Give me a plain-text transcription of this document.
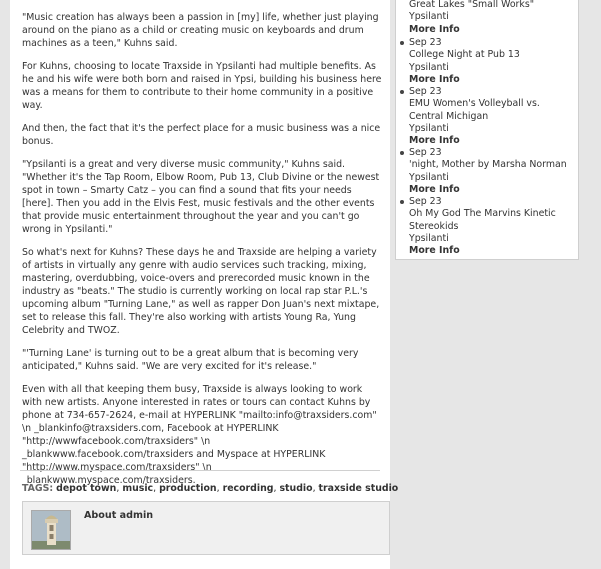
"Music creation has always been a passion in [my] life, whether just playing around on the piano as a child or creating music on keyboards and drum machines as a teen," Kuhns said.

For Kuhns, choosing to locate Traxside in Ypsilanti had multiple benefits. As he and his wife were both born and raised in Ypsi, building his business here was a means for them to contribute to their home community in a positive way.

And then, the fact that it's the perfect place for a music business was a nice bonus.

"Ypsilanti is a great and very diverse music community," Kuhns said. "Whether it's the Tap Room, Elbow Room, Pub 13, Club Divine or the newest spot in town – Smarty Catz – you can find a sound that fits your needs [here]. Then you add in the Elvis Fest, music festivals and the other events that provide music entertainment throughout the year and you can't go wrong in Ypsilanti."

So what's next for Kuhns? These days he and Traxside are helping a variety of artists in virtually any genre with audio services such tracking, mixing, mastering, overdubbing, voice-overs and prerecorded music known in the industry as "beats." The studio is currently working on local rap star P.L.'s upcoming album "Turning Lane," as well as rapper Don Juan's next mixtape, set to release this fall. They're also working with artists Young Ra, Yung Celebrity and TWOZ.

"'Turning Lane' is turning out to be a great album that is becoming very anticipated," Kuhns said. "We are very excited for it's release."

Even with all that keeping them busy, Traxside is always looking to work with new artists. Anyone interested in rates or tours can contact Kuhns by phone at 734-657-2624, e-mail at HYPERLINK "mailto:info@traxsiders.com" \n _blankinfo@traxsiders.com, Facebook at HYPERLINK "http://wwwfacebook.com/traxsiders" \n _blankwww.facebook.com/traxsiders and Myspace at HYPERLINK "http://www.myspace.com/traxsiders" \n _blankwww.myspace.com/traxsiders.

TAGS: depot town, music, production, recording, studio, traxside studio
About admin
Great Lakes "Small Works"
Ypsilanti
More Info
Sep 23
College Night at Pub 13
Ypsilanti
More Info
Sep 23
EMU Women's Volleyball vs. Central Michigan
Ypsilanti
More Info
Sep 23
'night, Mother by Marsha Norman
Ypsilanti
More Info
Sep 23
Oh My God The Marvins Kinetic Stereokids
Ypsilanti
More Info
